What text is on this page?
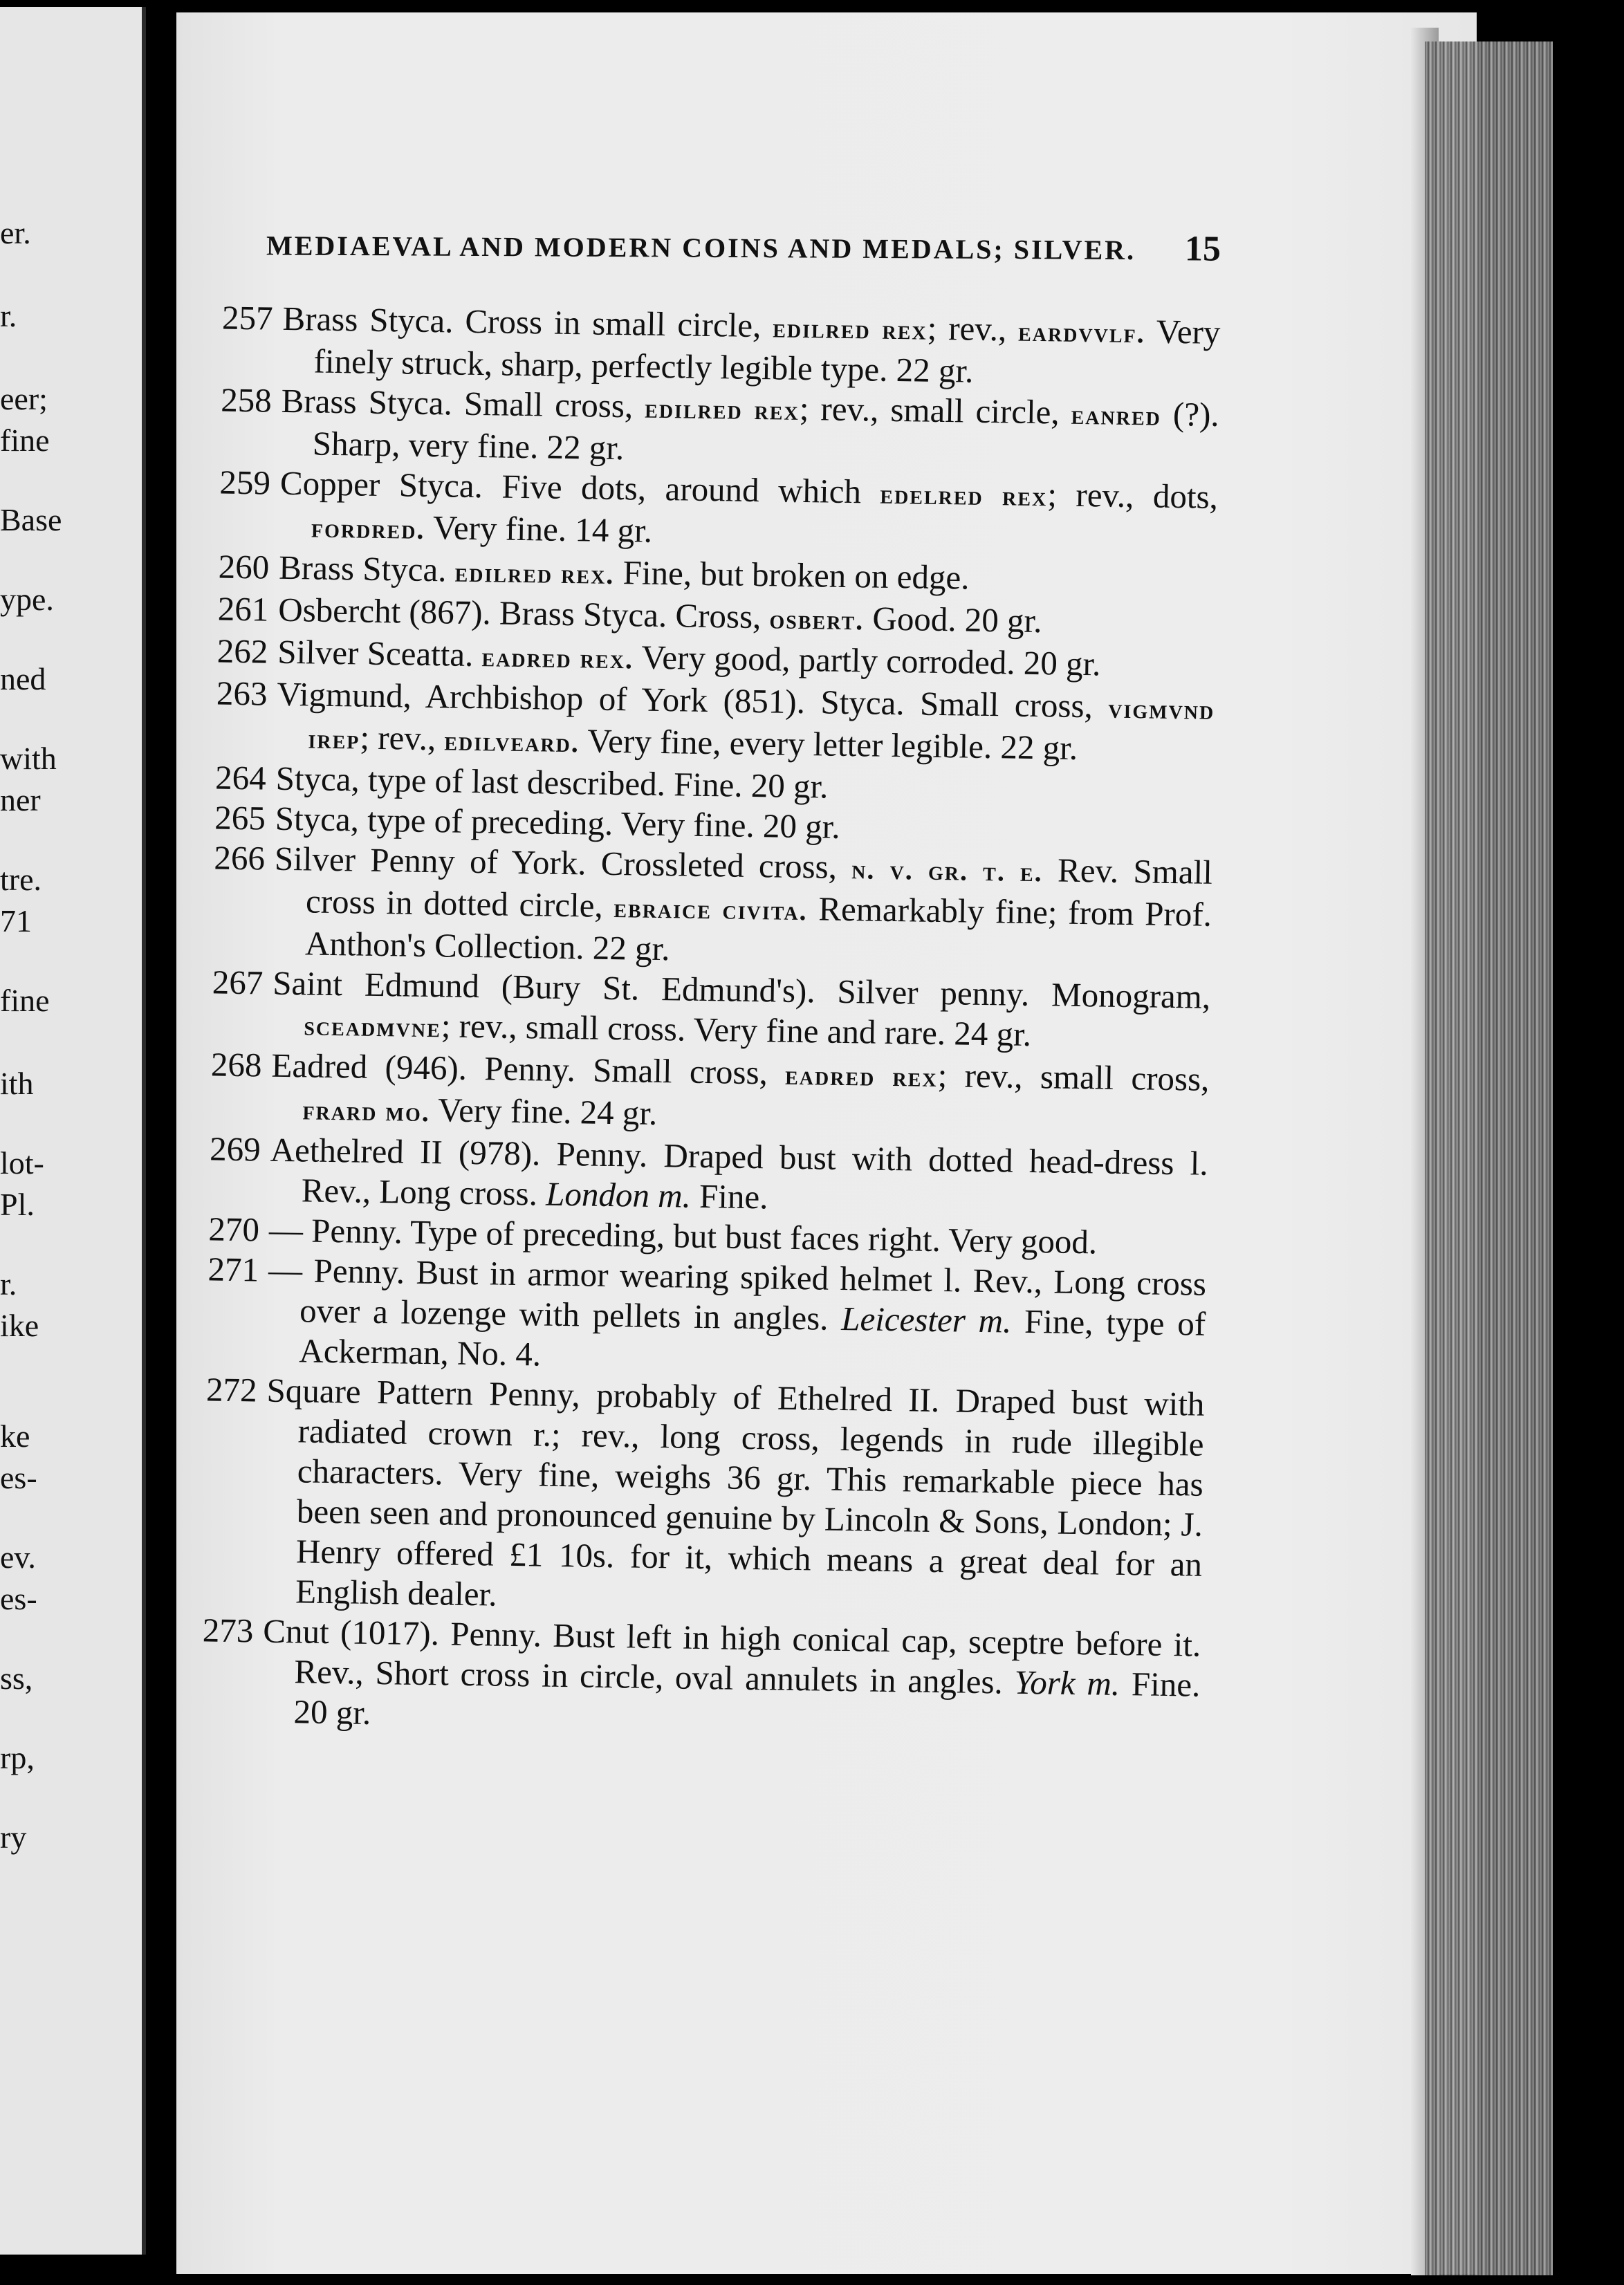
er.
r.
eer;
fine
Base
ype.
ned
with
ner
tre.
71
fine
ith
lot-
Pl.
r.
ike
ke
es-
ev.
es-
ss,
rp,
ry
MEDIAEVAL AND MODERN COINS AND MEDALS; SILVER. 15

257 Brass Styca. Cross in small circle, edilred rex; rev., eardvvlf. Very finely struck, sharp, perfectly legible type. 22 gr.

258 Brass Styca. Small cross, edilred rex; rev., small circle, eanred (?). Sharp, very fine. 22 gr.

259 Copper Styca. Five dots, around which edelred rex; rev., dots, fordred. Very fine. 14 gr.

260 Brass Styca. edilred rex. Fine, but broken on edge.

261 Osbercht (867). Brass Styca. Cross, osbert. Good. 20 gr.

262 Silver Sceatta. eadred rex. Very good, partly corroded. 20 gr.

263 Vigmund, Archbishop of York (851). Styca. Small cross, vigmvnd irep; rev., edilveard. Very fine, every letter legible. 22 gr.

264 Styca, type of last described. Fine. 20 gr.

265 Styca, type of preceding. Very fine. 20 gr.

266 Silver Penny of York. Crossleted cross, n. v. gr. t. e. Rev. Small cross in dotted circle, ebraice civita. Remarkably fine; from Prof. Anthon's Collection. 22 gr.

267 Saint Edmund (Bury St. Edmund's). Silver penny. Monogram, sceadmvne; rev., small cross. Very fine and rare. 24 gr.

268 Eadred (946). Penny. Small cross, eadred rex; rev., small cross, frard mo. Very fine. 24 gr.

269 Aethelred II (978). Penny. Draped bust with dotted head-dress l. Rev., Long cross. London m. Fine.

270 — Penny. Type of preceding, but bust faces right. Very good.

271 — Penny. Bust in armor wearing spiked helmet l. Rev., Long cross over a lozenge with pellets in angles. Leicester m. Fine, type of Ackerman, No. 4.

272 Square Pattern Penny, probably of Ethelred II. Draped bust with radiated crown r.; rev., long cross, legends in rude illegible characters. Very fine, weighs 36 gr. This remarkable piece has been seen and pronounced genuine by Lincoln & Sons, London; J. Henry offered £1 10s. for it, which means a great deal for an English dealer.

273 Cnut (1017). Penny. Bust left in high conical cap, sceptre before it. Rev., Short cross in circle, oval annulets in angles. York m. Fine. 20 gr.
